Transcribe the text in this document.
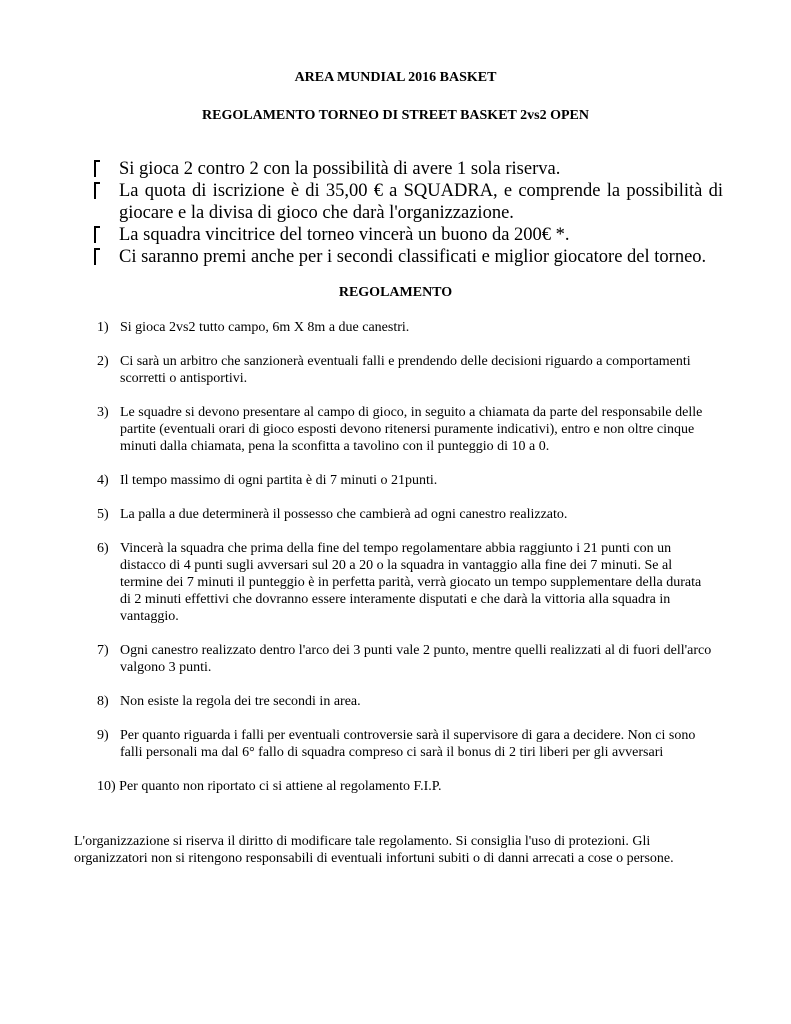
AREA MUNDIAL 2016 BASKET
REGOLAMENTO TORNEO DI STREET BASKET 2vs2 OPEN
Si gioca 2 contro 2 con la possibilità di avere 1 sola riserva.
La quota di iscrizione è di 35,00 € a SQUADRA, e comprende la possibilità di giocare e la divisa di gioco che darà l'organizzazione.
La squadra vincitrice del torneo vincerà un buono da 200€ *.
Ci saranno premi anche per i secondi classificati e miglior giocatore del torneo.
REGOLAMENTO
1) Si gioca 2vs2 tutto campo, 6m X 8m a due canestri.
2) Ci sarà un arbitro che sanzionerà eventuali falli e prendendo delle decisioni riguardo a comportamenti scorretti o antisportivi.
3) Le squadre si devono presentare al campo di gioco, in seguito a chiamata da parte del responsabile delle partite (eventuali orari di gioco esposti devono ritenersi puramente indicativi), entro e non oltre cinque minuti dalla chiamata, pena la sconfitta a tavolino con il punteggio di 10 a 0.
4) Il tempo massimo di ogni partita è di 7 minuti o 21punti.
5) La palla a due determinerà il possesso che cambierà ad ogni canestro realizzato.
6) Vincerà la squadra che prima della fine del tempo regolamentare abbia raggiunto i 21 punti con un distacco di 4 punti sugli avversari sul 20 a 20 o la squadra in vantaggio alla fine dei 7 minuti. Se al termine dei 7 minuti il punteggio è in perfetta parità, verrà giocato un tempo supplementare della durata di 2 minuti effettivi che dovranno essere interamente disputati e che darà la vittoria alla squadra in vantaggio.
7) Ogni canestro realizzato dentro l'arco dei 3 punti vale 2 punto, mentre quelli realizzati al di fuori dell'arco valgono 3 punti.
8) Non esiste la regola dei tre secondi in area.
9) Per quanto riguarda i falli per eventuali controversie sarà il supervisore di gara a decidere. Non ci sono falli personali ma dal 6° fallo di squadra compreso ci sarà il bonus di 2 tiri liberi per gli avversari
10) Per quanto non riportato ci si attiene al regolamento F.I.P.
L'organizzazione si riserva il diritto di modificare tale regolamento. Si consiglia l'uso di protezioni. Gli organizzatori non si ritengono responsabili di eventuali infortuni subiti o di danni arrecati a cose o persone.
